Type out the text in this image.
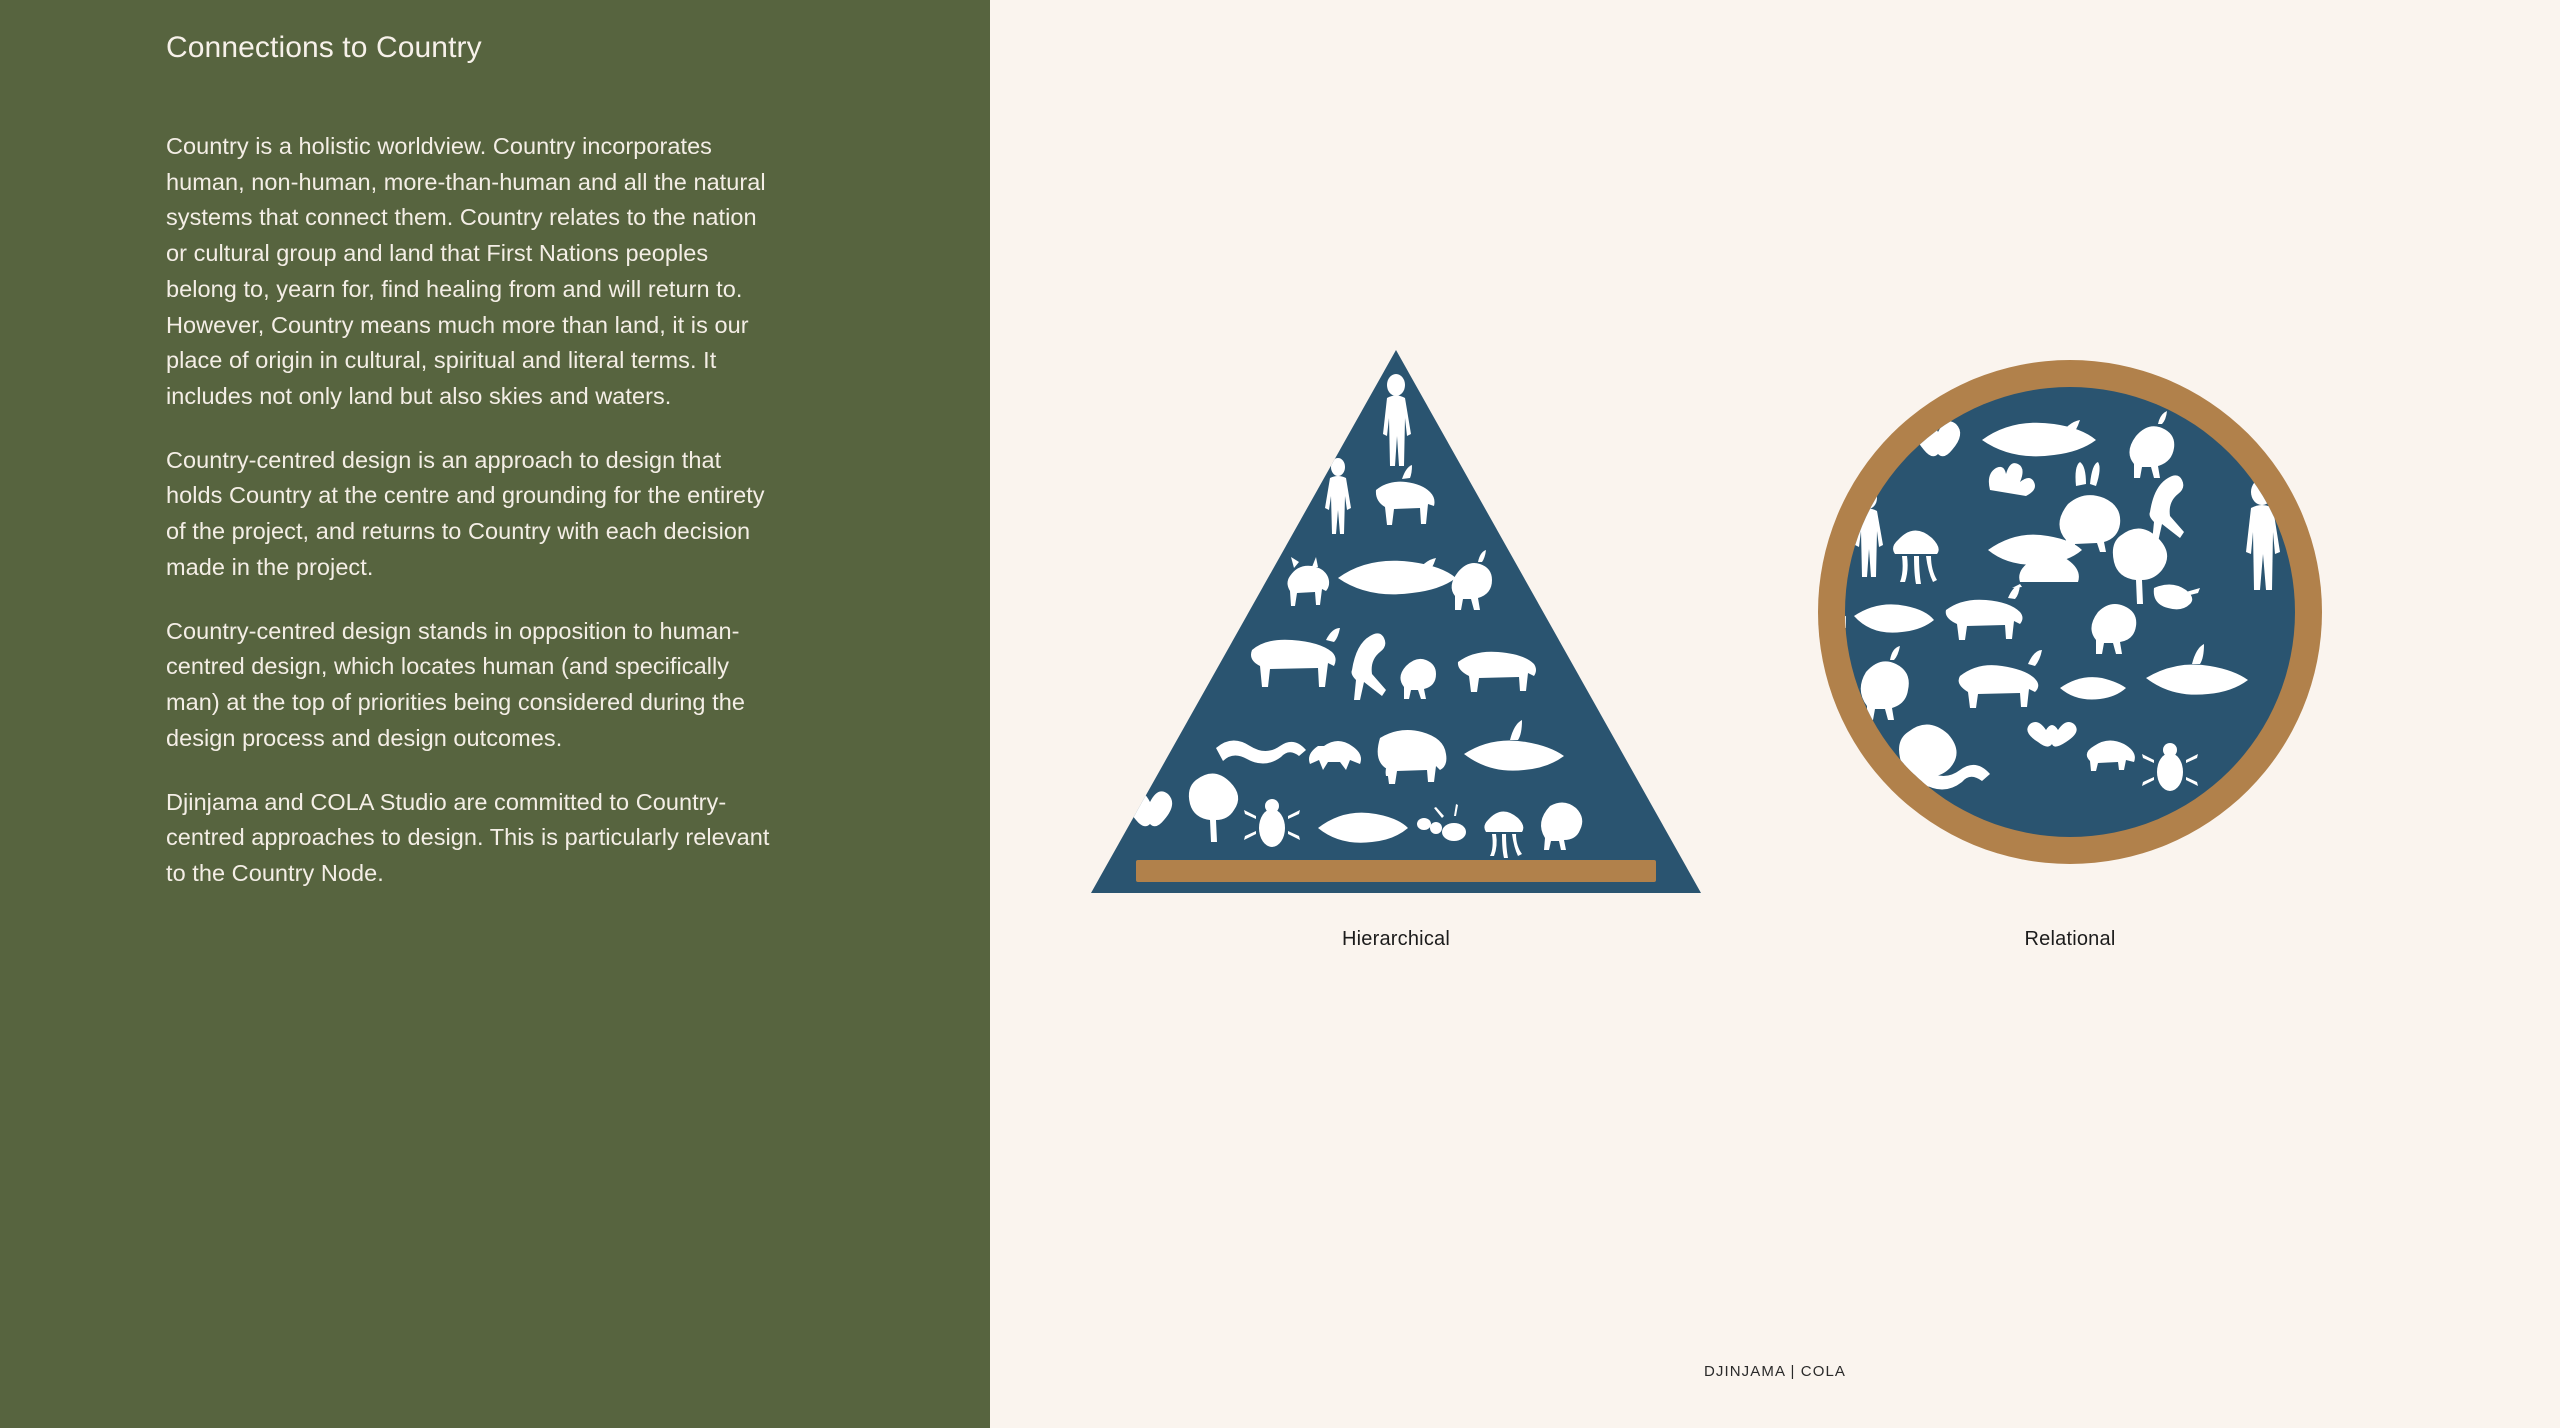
Connections to Country

Country is a holistic worldview. Country incorporates human, non-human, more-than-human and all the natural systems that connect them. Country relates to the nation or cultural group and land that First Nations peoples belong to, yearn for, find healing from and will return to. However, Country means much more than land, it is our place of origin in cultural, spiritual and literal terms. It includes not only land but also skies and waters.

Country-centred design is an approach to design that holds Country at the centre and grounding for the entirety of the project, and returns to Country with each decision made in the project.

Country-centred design stands in opposition to human-centred design, which locates human (and specifically man) at the top of priorities being considered during the design process and design outcomes.

Djinjama and COLA Studio are committed to Country-centred approaches to design. This is particularly relevant to the Country Node.

Hierarchical	Relational
DJINJAMA | COLA
